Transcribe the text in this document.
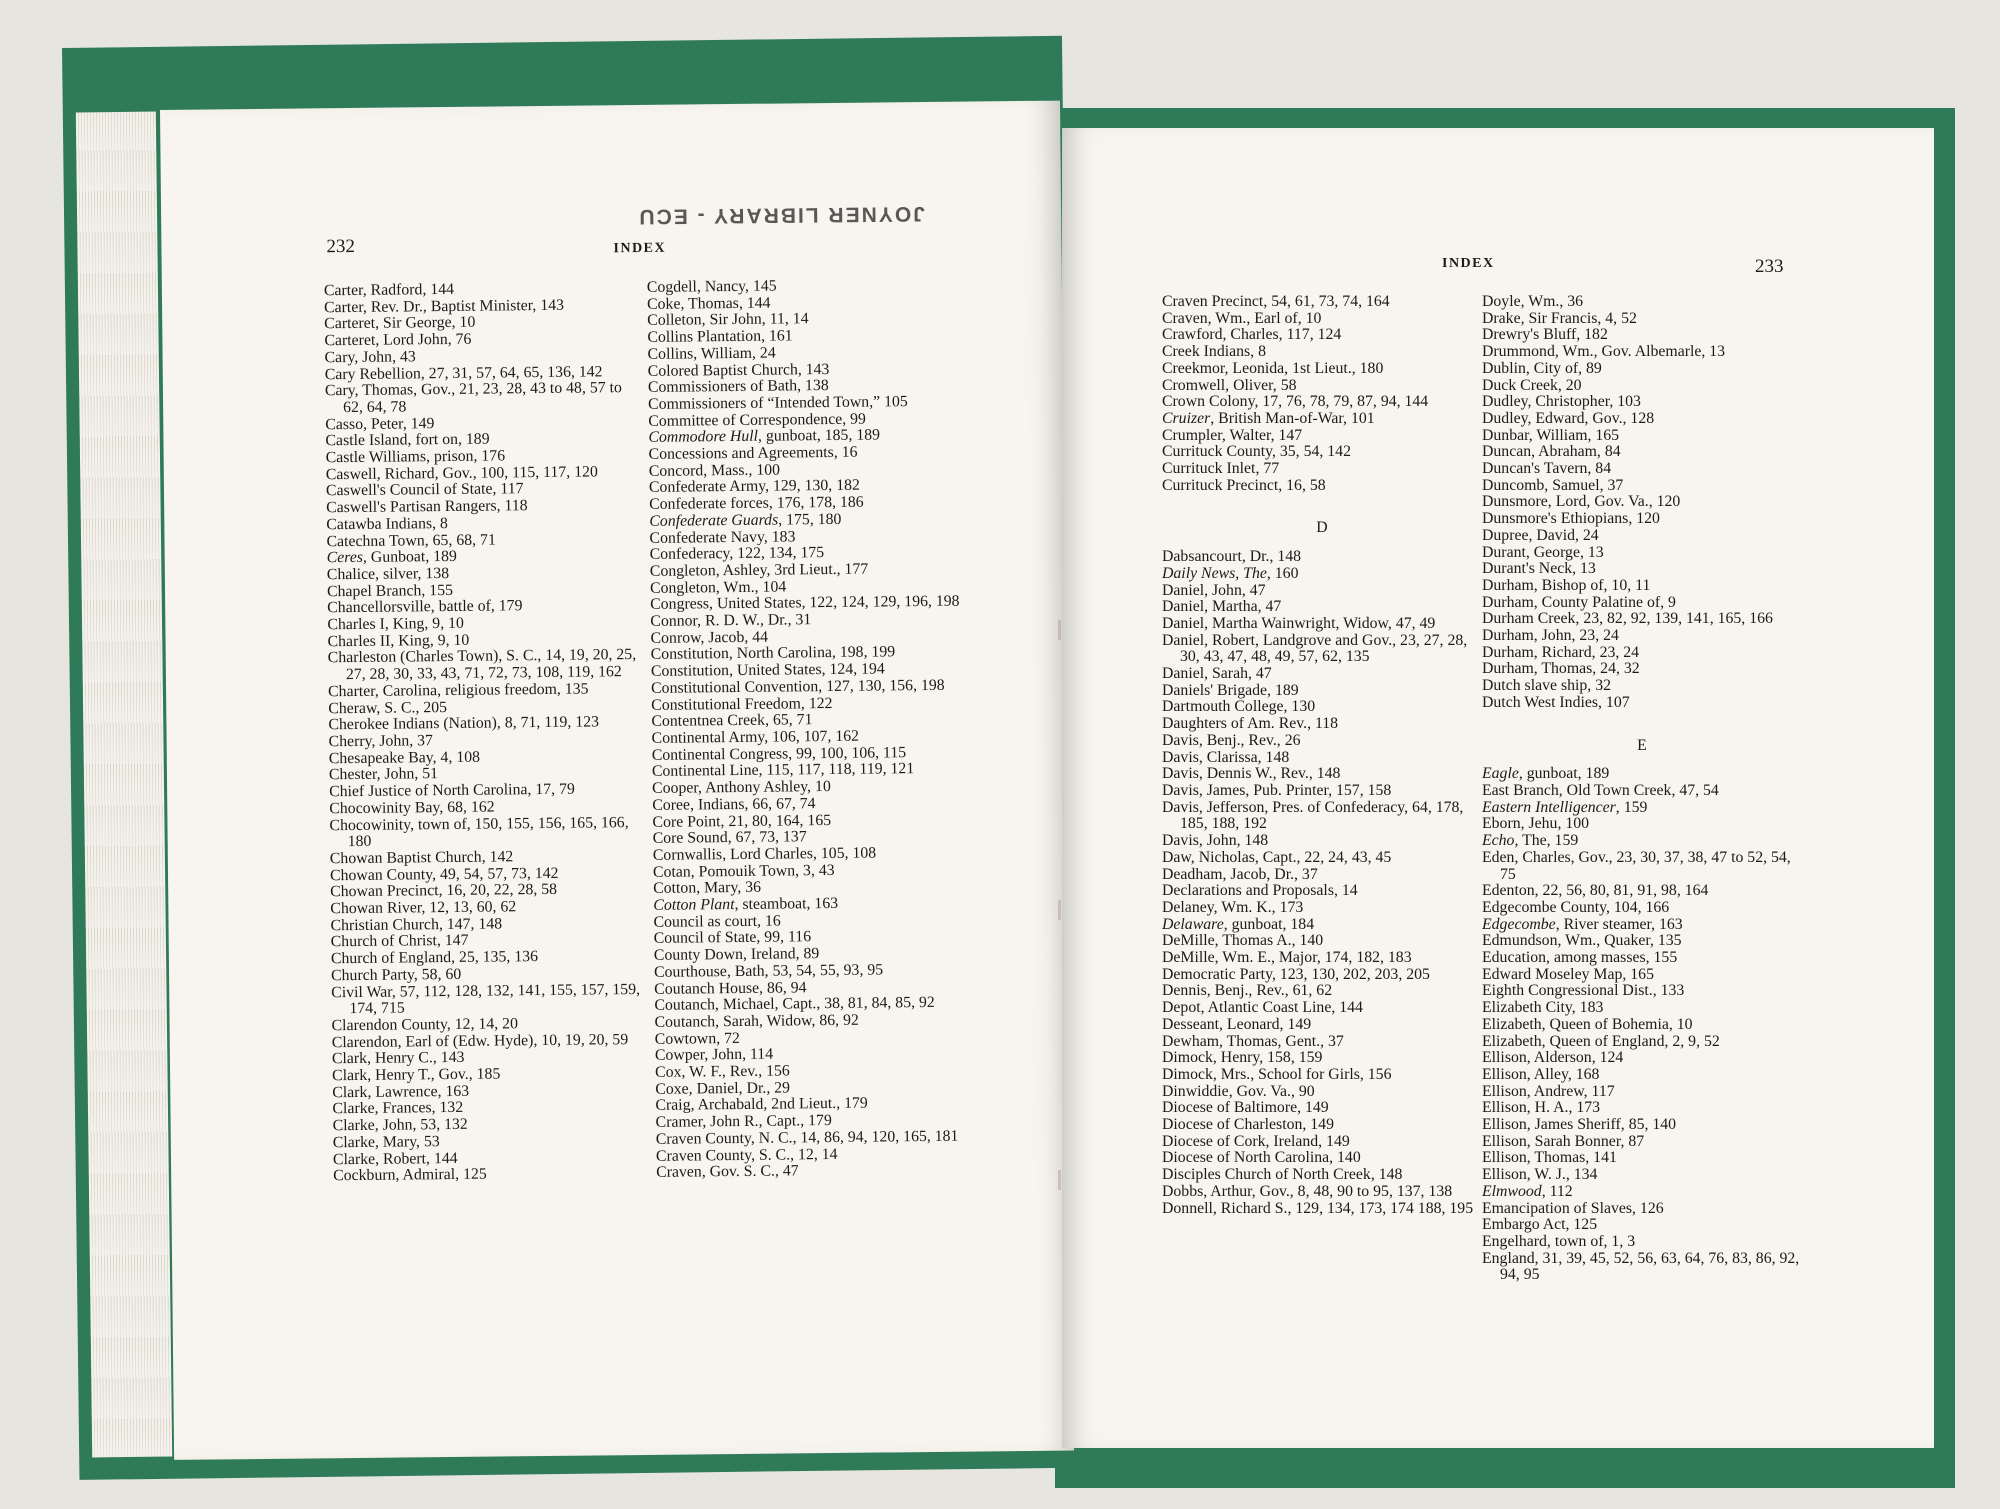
JOYNER LIBRARY - ECU
232	INDEX

Carter, Radford, 144

Carter, Rev. Dr., Baptist Minister, 143

Carteret, Sir George, 10

Carteret, Lord John, 76

Cary, John, 43

Cary Rebellion, 27, 31, 57, 64, 65, 136, 142

Cary, Thomas, Gov., 21, 23, 28, 43 to 48, 57 to 62, 64, 78

Casso, Peter, 149

Castle Island, fort on, 189

Castle Williams, prison, 176

Caswell, Richard, Gov., 100, 115, 117, 120

Caswell's Council of State, 117

Caswell's Partisan Rangers, 118

Catawba Indians, 8

Catechna Town, 65, 68, 71

Ceres, Gunboat, 189

Chalice, silver, 138

Chapel Branch, 155

Chancellorsville, battle of, 179

Charles I, King, 9, 10

Charles II, King, 9, 10

Charleston (Charles Town), S. C., 14, 19, 20, 25, 27, 28, 30, 33, 43, 71, 72, 73, 108, 119, 162

Charter, Carolina, religious freedom, 135

Cheraw, S. C., 205

Cherokee Indians (Nation), 8, 71, 119, 123

Cherry, John, 37

Chesapeake Bay, 4, 108

Chester, John, 51

Chief Justice of North Carolina, 17, 79

Chocowinity Bay, 68, 162

Chocowinity, town of, 150, 155, 156, 165, 166, 180

Chowan Baptist Church, 142

Chowan County, 49, 54, 57, 73, 142

Chowan Precinct, 16, 20, 22, 28, 58

Chowan River, 12, 13, 60, 62

Christian Church, 147, 148

Church of Christ, 147

Church of England, 25, 135, 136

Church Party, 58, 60

Civil War, 57, 112, 128, 132, 141, 155, 157, 159, 174, 715

Clarendon County, 12, 14, 20

Clarendon, Earl of (Edw. Hyde), 10, 19, 20, 59

Clark, Henry C., 143

Clark, Henry T., Gov., 185

Clark, Lawrence, 163

Clarke, Frances, 132

Clarke, John, 53, 132

Clarke, Mary, 53

Clarke, Robert, 144

Cockburn, Admiral, 125

Cogdell, Nancy, 145

Coke, Thomas, 144

Colleton, Sir John, 11, 14

Collins Plantation, 161

Collins, William, 24

Colored Baptist Church, 143

Commissioners of Bath, 138

Commissioners of “Intended Town,” 105

Committee of Correspondence, 99

Commodore Hull, gunboat, 185, 189

Concessions and Agreements, 16

Concord, Mass., 100

Confederate Army, 129, 130, 182

Confederate forces, 176, 178, 186

Confederate Guards, 175, 180

Confederate Navy, 183

Confederacy, 122, 134, 175

Congleton, Ashley, 3rd Lieut., 177

Congleton, Wm., 104

Congress, United States, 122, 124, 129, 196, 198

Connor, R. D. W., Dr., 31

Conrow, Jacob, 44

Constitution, North Carolina, 198, 199

Constitution, United States, 124, 194

Constitutional Convention, 127, 130, 156, 198

Constitutional Freedom, 122

Contentnea Creek, 65, 71

Continental Army, 106, 107, 162

Continental Congress, 99, 100, 106, 115

Continental Line, 115, 117, 118, 119, 121

Cooper, Anthony Ashley, 10

Coree, Indians, 66, 67, 74

Core Point, 21, 80, 164, 165

Core Sound, 67, 73, 137

Cornwallis, Lord Charles, 105, 108

Cotan, Pomouik Town, 3, 43

Cotton, Mary, 36

Cotton Plant, steamboat, 163

Council as court, 16

Council of State, 99, 116

County Down, Ireland, 89

Courthouse, Bath, 53, 54, 55, 93, 95

Coutanch House, 86, 94

Coutanch, Michael, Capt., 38, 81, 84, 85, 92

Coutanch, Sarah, Widow, 86, 92

Cowtown, 72

Cowper, John, 114

Cox, W. F., Rev., 156

Coxe, Daniel, Dr., 29

Craig, Archabald, 2nd Lieut., 179

Cramer, John R., Capt., 179

Craven County, N. C., 14, 86, 94, 120, 165, 181

Craven County, S. C., 12, 14

Craven, Gov. S. C., 47

INDEX	233

Craven Precinct, 54, 61, 73, 74, 164

Craven, Wm., Earl of, 10

Crawford, Charles, 117, 124

Creek Indians, 8

Creekmor, Leonida, 1st Lieut., 180

Cromwell, Oliver, 58

Crown Colony, 17, 76, 78, 79, 87, 94, 144

Cruizer, British Man-of-War, 101

Crumpler, Walter, 147

Currituck County, 35, 54, 142

Currituck Inlet, 77

Currituck Precinct, 16, 58

D

Dabsancourt, Dr., 148

Daily News, The, 160

Daniel, John, 47

Daniel, Martha, 47

Daniel, Martha Wainwright, Widow, 47, 49

Daniel, Robert, Landgrove and Gov., 23, 27, 28, 30, 43, 47, 48, 49, 57, 62, 135

Daniel, Sarah, 47

Daniels' Brigade, 189

Dartmouth College, 130

Daughters of Am. Rev., 118

Davis, Benj., Rev., 26

Davis, Clarissa, 148

Davis, Dennis W., Rev., 148

Davis, James, Pub. Printer, 157, 158

Davis, Jefferson, Pres. of Confederacy, 64, 178, 185, 188, 192

Davis, John, 148

Daw, Nicholas, Capt., 22, 24, 43, 45

Deadham, Jacob, Dr., 37

Declarations and Proposals, 14

Delaney, Wm. K., 173

Delaware, gunboat, 184

DeMille, Thomas A., 140

DeMille, Wm. E., Major, 174, 182, 183

Democratic Party, 123, 130, 202, 203, 205

Dennis, Benj., Rev., 61, 62

Depot, Atlantic Coast Line, 144

Desseant, Leonard, 149

Dewham, Thomas, Gent., 37

Dimock, Henry, 158, 159

Dimock, Mrs., School for Girls, 156

Dinwiddie, Gov. Va., 90

Diocese of Baltimore, 149

Diocese of Charleston, 149

Diocese of Cork, Ireland, 149

Diocese of North Carolina, 140

Disciples Church of North Creek, 148

Dobbs, Arthur, Gov., 8, 48, 90 to 95, 137, 138

Donnell, Richard S., 129, 134, 173, 174 188, 195

Doyle, Wm., 36

Drake, Sir Francis, 4, 52

Drewry's Bluff, 182

Drummond, Wm., Gov. Albemarle, 13

Dublin, City of, 89

Duck Creek, 20

Dudley, Christopher, 103

Dudley, Edward, Gov., 128

Dunbar, William, 165

Duncan, Abraham, 84

Duncan's Tavern, 84

Duncomb, Samuel, 37

Dunsmore, Lord, Gov. Va., 120

Dunsmore's Ethiopians, 120

Dupree, David, 24

Durant, George, 13

Durant's Neck, 13

Durham, Bishop of, 10, 11

Durham, County Palatine of, 9

Durham Creek, 23, 82, 92, 139, 141, 165, 166

Durham, John, 23, 24

Durham, Richard, 23, 24

Durham, Thomas, 24, 32

Dutch slave ship, 32

Dutch West Indies, 107

E

Eagle, gunboat, 189

East Branch, Old Town Creek, 47, 54

Eastern Intelligencer, 159

Eborn, Jehu, 100

Echo, The, 159

Eden, Charles, Gov., 23, 30, 37, 38, 47 to 52, 54, 75

Edenton, 22, 56, 80, 81, 91, 98, 164

Edgecombe County, 104, 166

Edgecombe, River steamer, 163

Edmundson, Wm., Quaker, 135

Education, among masses, 155

Edward Moseley Map, 165

Eighth Congressional Dist., 133

Elizabeth City, 183

Elizabeth, Queen of Bohemia, 10

Elizabeth, Queen of England, 2, 9, 52

Ellison, Alderson, 124

Ellison, Alley, 168

Ellison, Andrew, 117

Ellison, H. A., 173

Ellison, James Sheriff, 85, 140

Ellison, Sarah Bonner, 87

Ellison, Thomas, 141

Ellison, W. J., 134

Elmwood, 112

Emancipation of Slaves, 126

Embargo Act, 125

Engelhard, town of, 1, 3

England, 31, 39, 45, 52, 56, 63, 64, 76, 83, 86, 92, 94, 95
